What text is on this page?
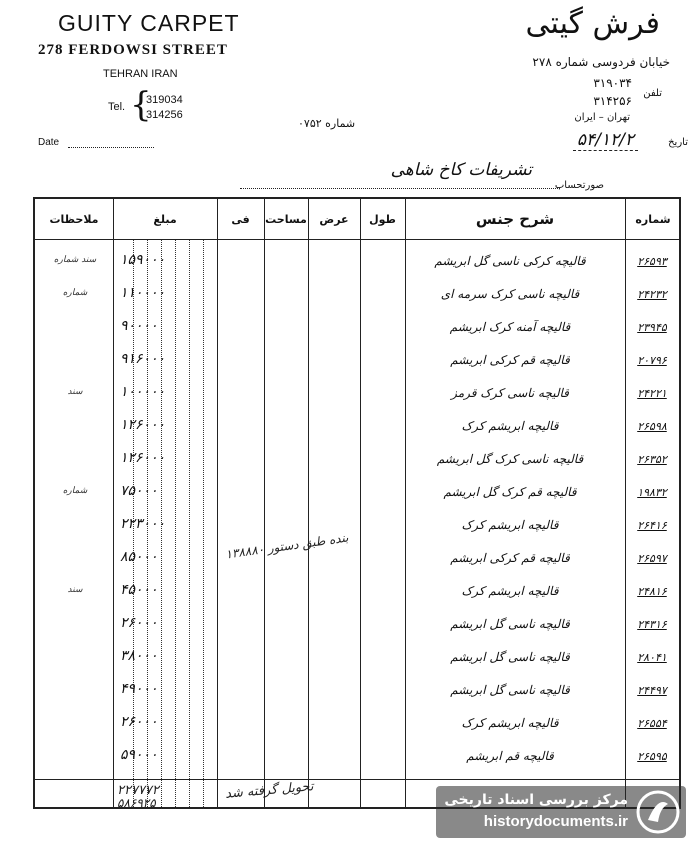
GUITY CARPET
278 FERDOWSI STREET
TEHRAN IRAN
Tel. {
319034
314256
Date
فرش گیتی
خیابان فردوسی شماره ۲۷۸
۳۱۹۰۳۴
تلفن
۳۱۴۲۵۶
تهران – ایران
شماره ۰۷۵۲
تاریخ
۵۴/۱۲/۲
صورتحساب
تشریفات کاخ شاهی
شماره
شرح جنس
طول
عرض
مساحت
فی
مبلغ
ملاحظات
۲۶۵۹۳
قالیچه کرکی ناسی گل ابریشم
۱۵۹۰۰۰
سند شماره
۲۴۲۳۲
قالیچه ناسی کرک سرمه ای
۱۱۰۰۰۰
شماره
۲۳۹۴۵
قالیچه آمنه کرک ابریشم
۹۰۰۰۰
۲۰۷۹۶
قالیچه قم کرکی ابریشم
۹۱۶۰۰۰
۲۴۲۲۱
قالیچه ناسی کرک قرمز
۱۰۰۰۰۰
سند
۲۶۵۹۸
قالیچه ابریشم کرک
۱۲۶۰۰۰
۲۶۳۵۲
قالیچه ناسی کرک گل ابریشم
۱۲۶۰۰۰
۱۹۸۳۲
قالیچه قم کرک گل ابریشم
۷۵۰۰۰
شماره
۲۶۴۱۶
قالیچه ابریشم کرک
۲۲۳۰۰۰
۲۶۵۹۷
قالیچه قم کرکی ابریشم
۸۵۰۰۰
۲۴۸۱۶
قالیچه ابریشم کرک
۴۵۰۰۰
سند
۲۴۳۱۶
قالیچه ناسی گل ابریشم
۲۶۰۰۰
۲۸۰۴۱
قالیچه ناسی گل ابریشم
۳۸۰۰۰
۲۴۴۹۷
قالیچه ناسی گل ابریشم
۴۹۰۰۰
۲۶۵۵۴
قالیچه ابریشم کرک
۲۶۰۰۰
۲۶۵۹۵
قالیچه قم ابریشم
۵۹۰۰۰
بنده طبق دستور ۱۳۸۸۸۰
۲۲۷۷۷۲
۵۸۶۹۲۵
تحویل گرفته شد	مرکز بررسی اسناد تاریخی
historydocuments.ir
